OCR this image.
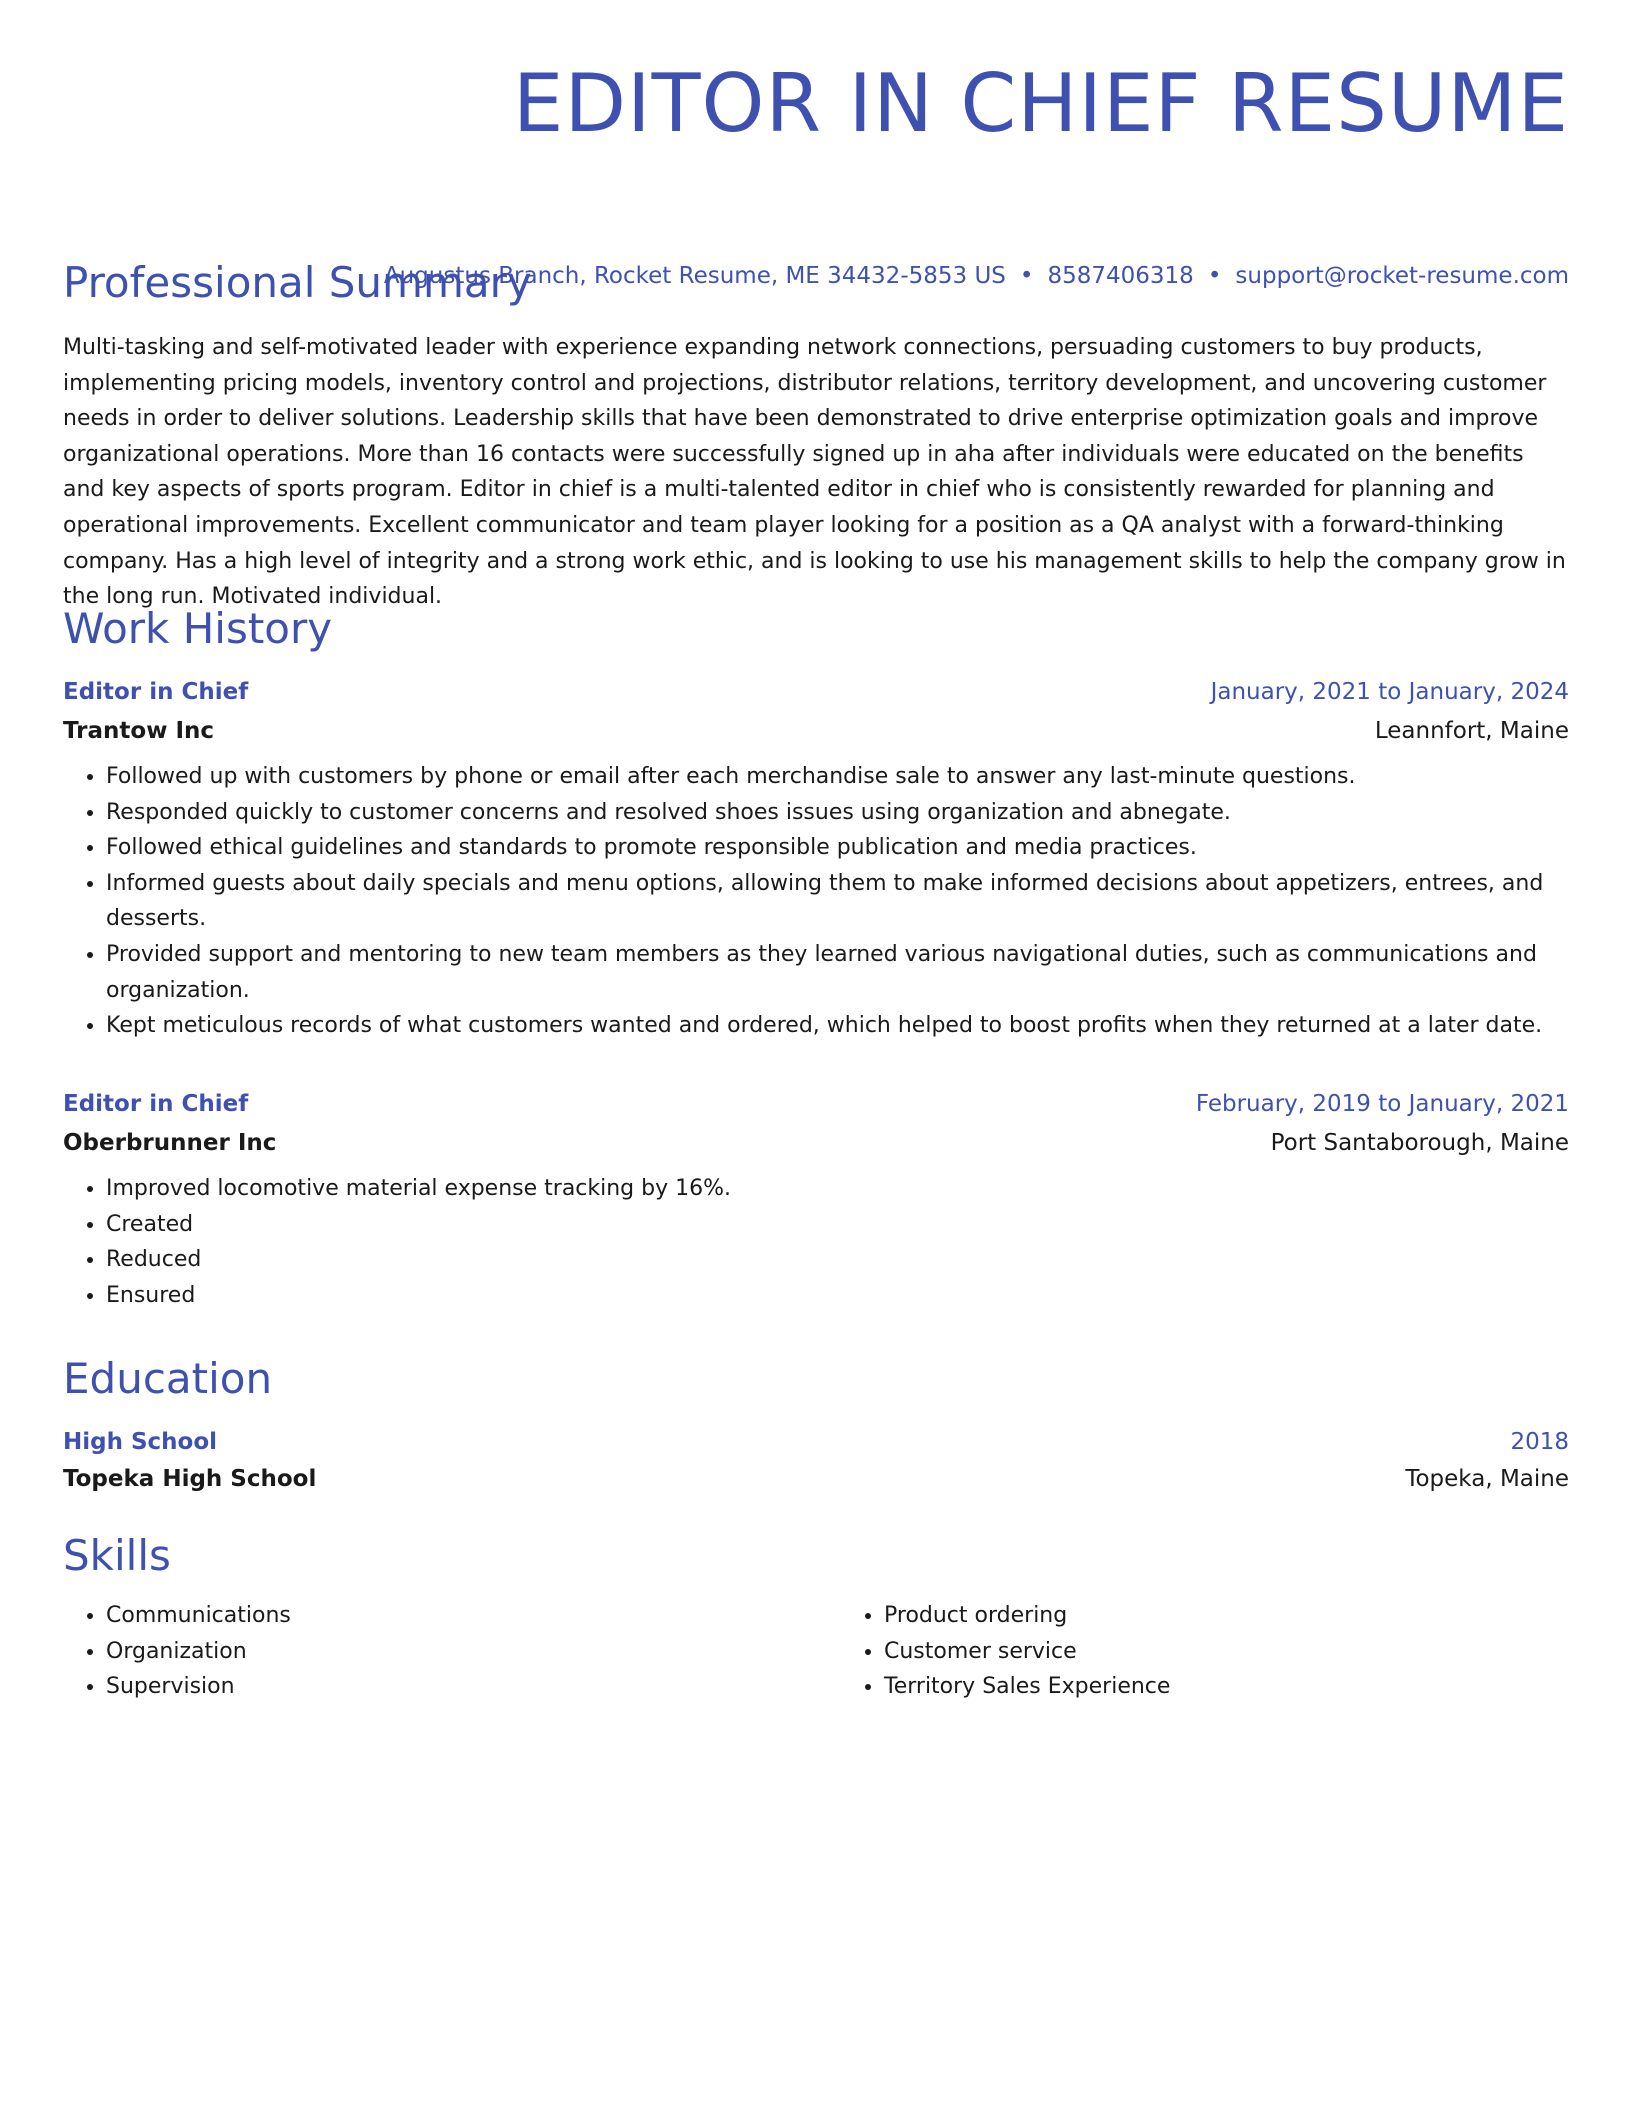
EDITOR IN CHIEF RESUME
Augustus Branch, Rocket Resume, ME 34432-5853 US • 8587406318 • support@rocket-resume.com
Professional Summary

Multi-tasking and self-motivated leader with experience expanding network connections, persuading customers to buy products, implementing pricing models, inventory control and projections, distributor relations, territory development, and uncovering customer needs in order to deliver solutions. Leadership skills that have been demonstrated to drive enterprise optimization goals and improve organizational operations. More than 16 contacts were successfully signed up in aha after individuals were educated on the benefits and key aspects of sports program. Editor in chief is a multi-talented editor in chief who is consistently rewarded for planning and operational improvements. Excellent communicator and team player looking for a position as a QA analyst with a forward-thinking company. Has a high level of integrity and a strong work ethic, and is looking to use his management skills to help the company grow in the long run. Motivated individual.

Work History
Editor in Chief	January, 2021 to January, 2024
Trantow Inc	Leannfort, Maine
• Followed up with customers by phone or email after each merchandise sale to answer any last-minute questions.
• Responded quickly to customer concerns and resolved shoes issues using organization and abnegate.
• Followed ethical guidelines and standards to promote responsible publication and media practices.
• Informed guests about daily specials and menu options, allowing them to make informed decisions about appetizers, entrees, and desserts.
• Provided support and mentoring to new team members as they learned various navigational duties, such as communications and organization.
• Kept meticulous records of what customers wanted and ordered, which helped to boost profits when they returned at a later date.
Editor in Chief	February, 2019 to January, 2021
Oberbrunner Inc	Port Santaborough, Maine
• Improved locomotive material expense tracking by 16%.
• Created
• Reduced
• Ensured
Education
High School	2018
Topeka High School	Topeka, Maine
Skills
• Communications
• Organization
• Supervision
• Product ordering
• Customer service
• Territory Sales Experience
